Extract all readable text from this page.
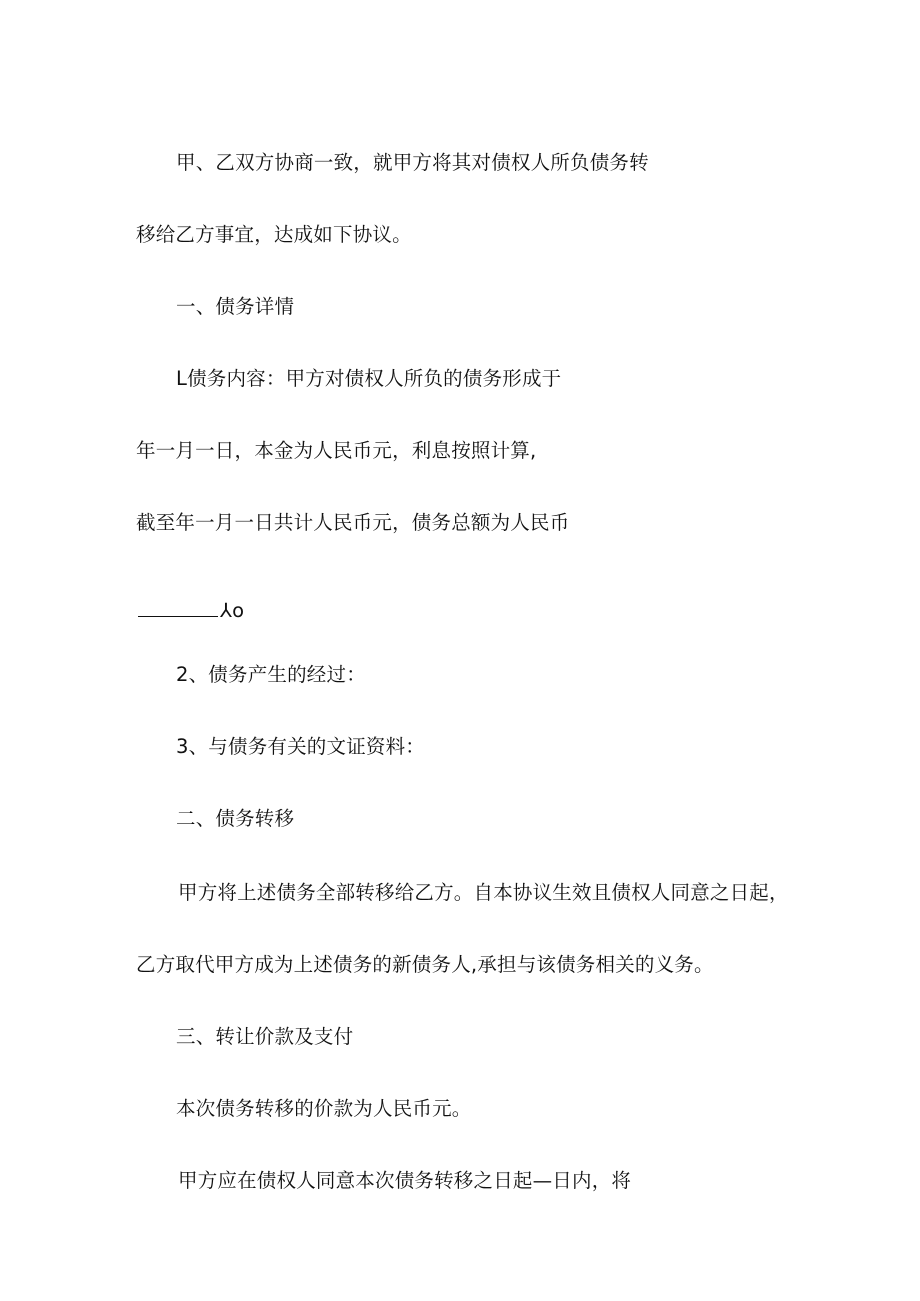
甲、乙双方协商一致，就甲方将其对债权人所负债务转
移给乙方事宜，达成如下协议。
一、债务详情
L债务内容：甲方对债权人所负的债务形成于
年一月一日，本金为人民币元，利息按照计算,
截至年一月一日共计人民币元，债务总额为人民币
⅄o
2、债务产生的经过：
3、与债务有关的文证资料：
二、债务转移
甲方将上述债务全部转移给乙方。自本协议生效且债权人同意之日起，
乙方取代甲方成为上述债务的新债务人,承担与该债务相关的义务。
三、转让价款及支付
本次债务转移的价款为人民币元。
甲方应在债权人同意本次债务转移之日起—日内，将
